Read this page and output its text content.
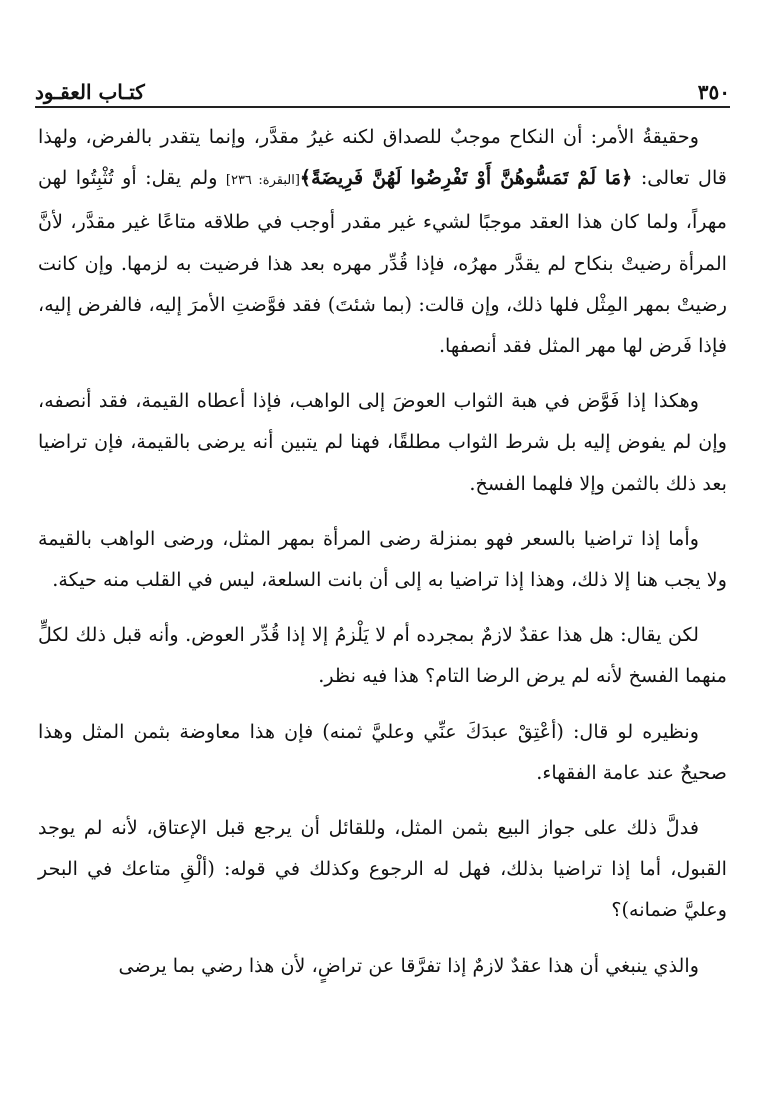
كتـاب العقـود	٣٥٠

وحقيقةُ الأمر: أن النكاح موجبٌ للصداق لكنه غيرُ مقدَّر، وإنما يتقدر بالفرض، ولهذا قال تعالى: ﴿مَا لَمْ تَمَسُّوهُنَّ أَوْ تَفْرِضُوا لَهُنَّ فَرِيضَةً﴾[البقرة: ٢٣٦] ولم يقل: أو تُثْبِتُوا لهن مهراً، ولما كان هذا العقد موجبًا لشيء غير مقدر أوجب في طلاقه متاعًا غير مقدَّر، لأنَّ المرأة رضيتْ بنكاح لم يقدَّر مهرُه، فإذا قُدِّر مهره بعد هذا فرضيت به لزمها. وإن كانت رضيتْ بمهر المِثْل فلها ذلك، وإن قالت: (بما شئتَ) فقد فوَّضتِ الأمرَ إليه، فالفرض إليه، فإذا فَرض لها مهر المثل فقد أنصفها.

وهكذا إذا فَوَّض في هبة الثواب العوضَ إلى الواهب، فإذا أعطاه القيمة، فقد أنصفه، وإن لم يفوض إليه بل شرط الثواب مطلقًا، فهنا لم يتبين أنه يرضى بالقيمة، فإن تراضيا بعد ذلك بالثمن وإلا فلهما الفسخ.

وأما إذا تراضيا بالسعر فهو بمنزلة رضى المرأة بمهر المثل، ورضى الواهب بالقيمة ولا يجب هنا إلا ذلك، وهذا إذا تراضيا به إلى أن بانت السلعة، ليس في القلب منه حيكة.

لكن يقال: هل هذا عقدٌ لازمٌ بمجرده أم لا يَلْزمُ إلا إذا قُدِّر العوض. وأنه قبل ذلك لكلٍّ منهما الفسخ لأنه لم يرض الرضا التام؟ هذا فيه نظر.

ونظيره لو قال: (أعْتِقْ عبدَكَ عنِّي وعليَّ ثمنه) فإن هذا معاوضة بثمن المثل وهذا صحيحٌ عند عامة الفقهاء.

فدلَّ ذلك على جواز البيع بثمن المثل، وللقائل أن يرجع قبل الإعتاق، لأنه لم يوجد القبول، أما إذا تراضيا بذلك، فهل له الرجوع وكذلك في قوله: (ألْقِ متاعك في البحر وعليَّ ضمانه)؟

والذي ينبغي أن هذا عقدٌ لازمٌ إذا تفرَّقا عن تراضٍ، لأن هذا رضي بما يرضى
